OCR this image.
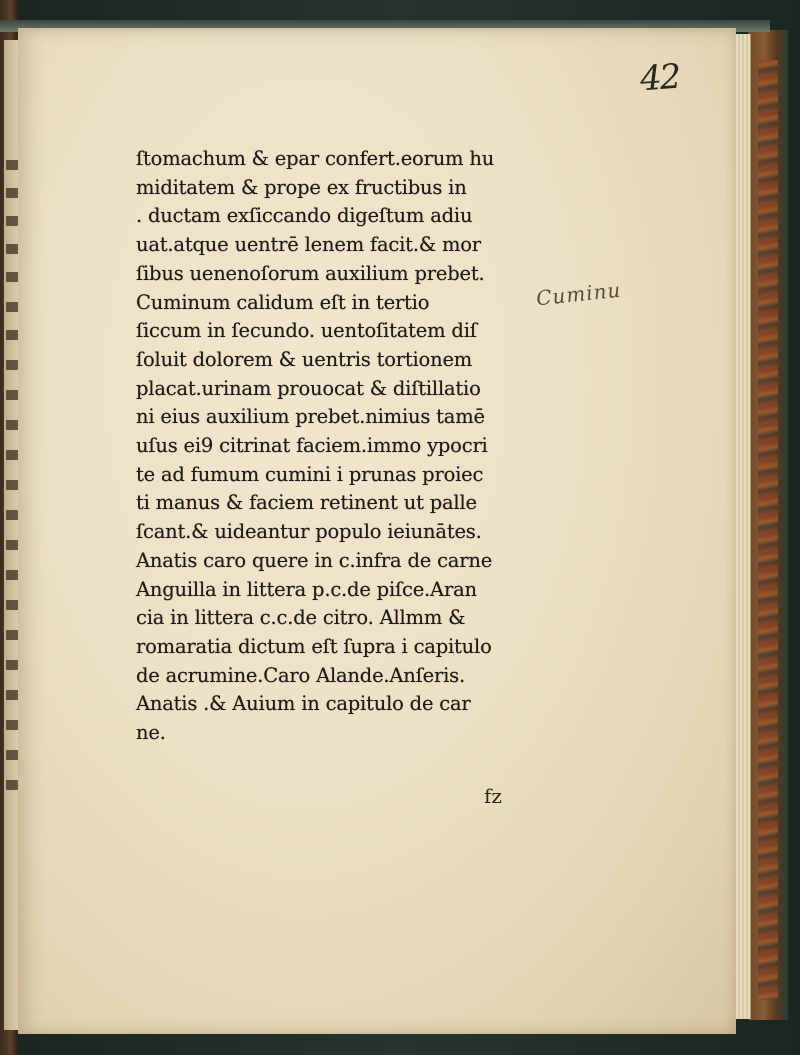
42
Cuminu
ſtomachum & epar confert.eorum hu
miditatem & prope ex fructibus in
. ductam exſiccando digeſtum adiu
uat.atque uentrē lenem facit.& mor
ſibus uenenoſorum auxilium prebet.
Cuminum calidum eſt in tertio
ſiccum in ſecundo. uentoſitatem diſ
ſoluit dolorem & uentris tortionem
placat.urinam prouocat & diſtillatio
ni eius auxilium prebet.nimius tamē
uſus ei9 citrinat faciem.immo ypocri
te ad fumum cumini i prunas proiec
ti manus & faciem retinent ut palle
ſcant.& uideantur populo ieiunātes.
Anatis caro quere in c.infra de carne
Anguilla in littera p.c.de piſce.Aran
cia in littera c.c.de citro. Allmm &
romaratia dictum eſt ſupra i capitulo
de acrumine.Caro Alande.Anſeris.
Anatis .& Auium in capitulo de car
ne.
fz
